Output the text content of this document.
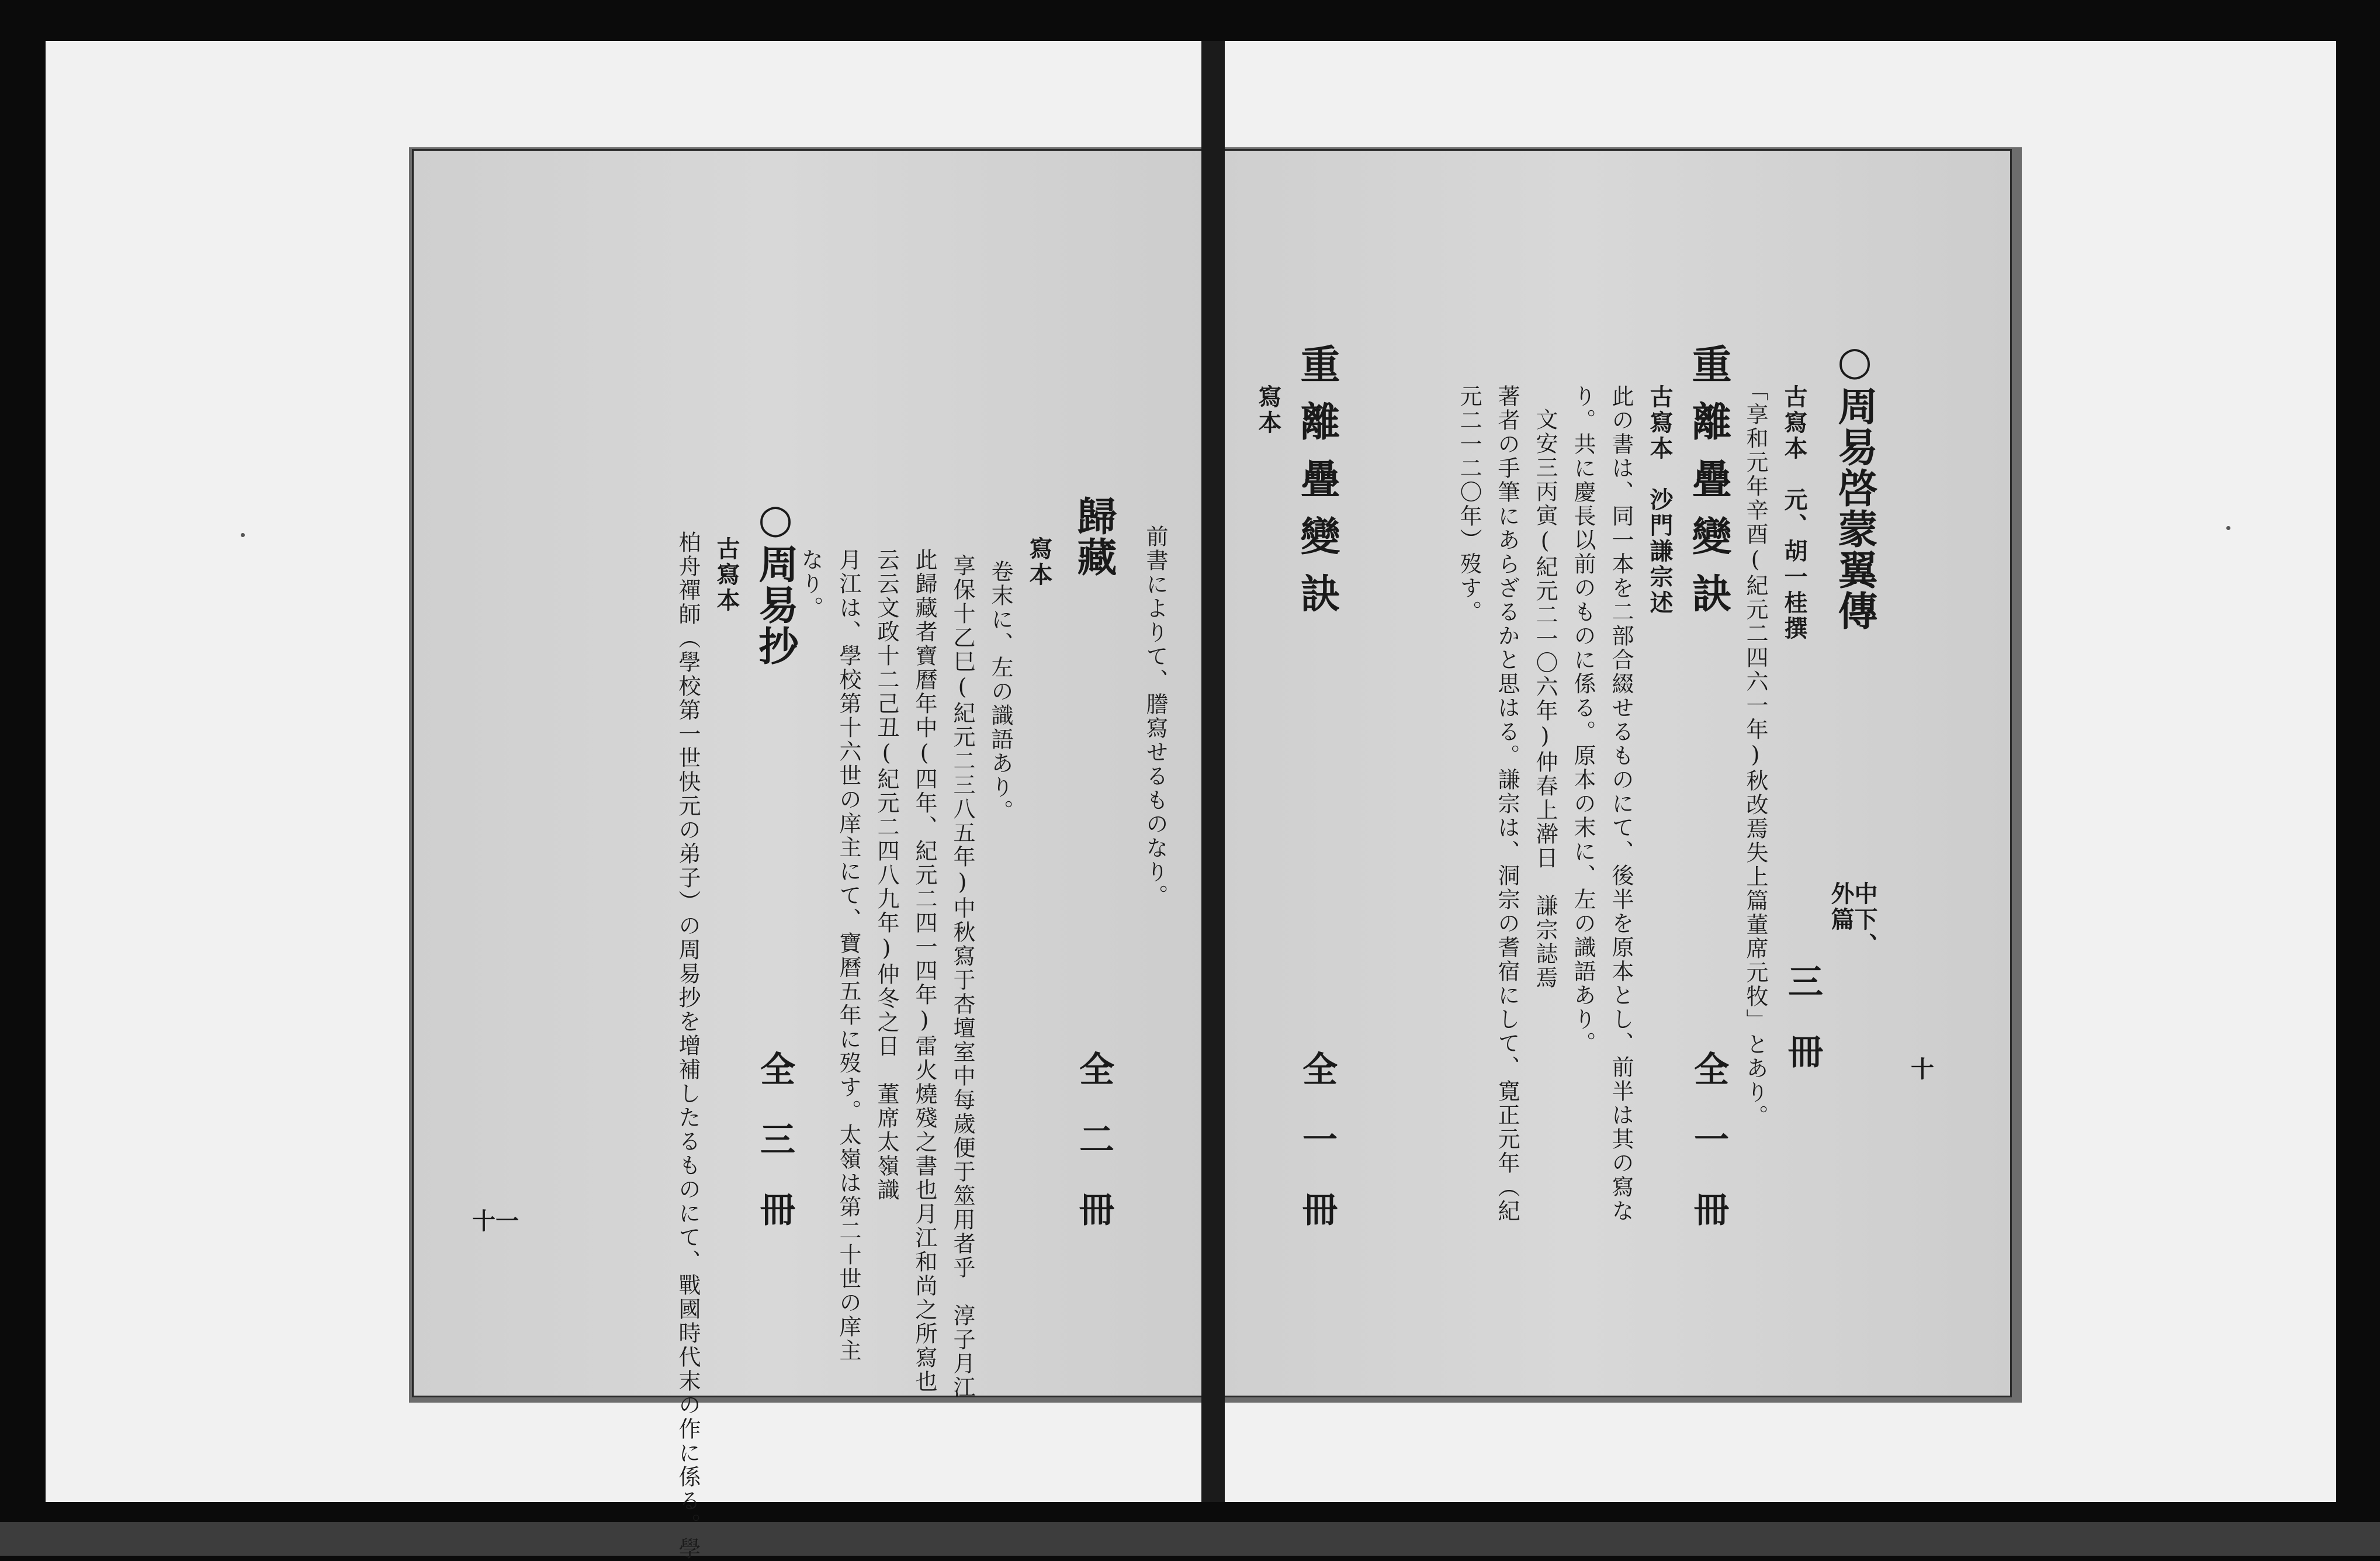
前書によりて、謄寫せるものなり。
歸藏
全二冊
寫本
卷末に、左の識語あり。
享保十乙巳(紀元二三八五年)中秋寫于杏壇室中每歲便于筮用者乎　淳子月江
此歸藏者寶曆年中(四年、紀元二四一四年)雷火燒殘之書也月江和尚之所寫也
云云文政十二己丑(紀元二四八九年)仲冬之日　董席太嶺識
月江は、學校第十六世の庠主にて、寶曆五年に歿す。太嶺は第二十世の庠主
なり。
○周易抄
全三冊
古寫本
柏舟禪師（學校第一世快元の弟子）の周易抄を增補したるものにて、戰國時代末の作に係る。學
十一
○周易啓蒙翼傳
中下、
外篇
三冊
古寫本　元、胡一桂撰
「享和元年辛酉(紀元二四六一年)秋改焉失上篇董席元牧」とあり。
重離疊變訣
全一冊
古寫本　沙門謙宗述
此の書は、同一本を二部合綴せるものにて、後半を原本とし、前半は其の寫な
り。共に慶長以前のものに係る。原本の末に、左の識語あり。
文安三丙寅(紀元二一〇六年)仲春上澣日　謙宗誌焉
著者の手筆にあらざるかと思はる。謙宗は、洞宗の耆宿にして、寛正元年（紀
元二一二〇年）歿す。
重離疊變訣
全一冊
寫本
十
